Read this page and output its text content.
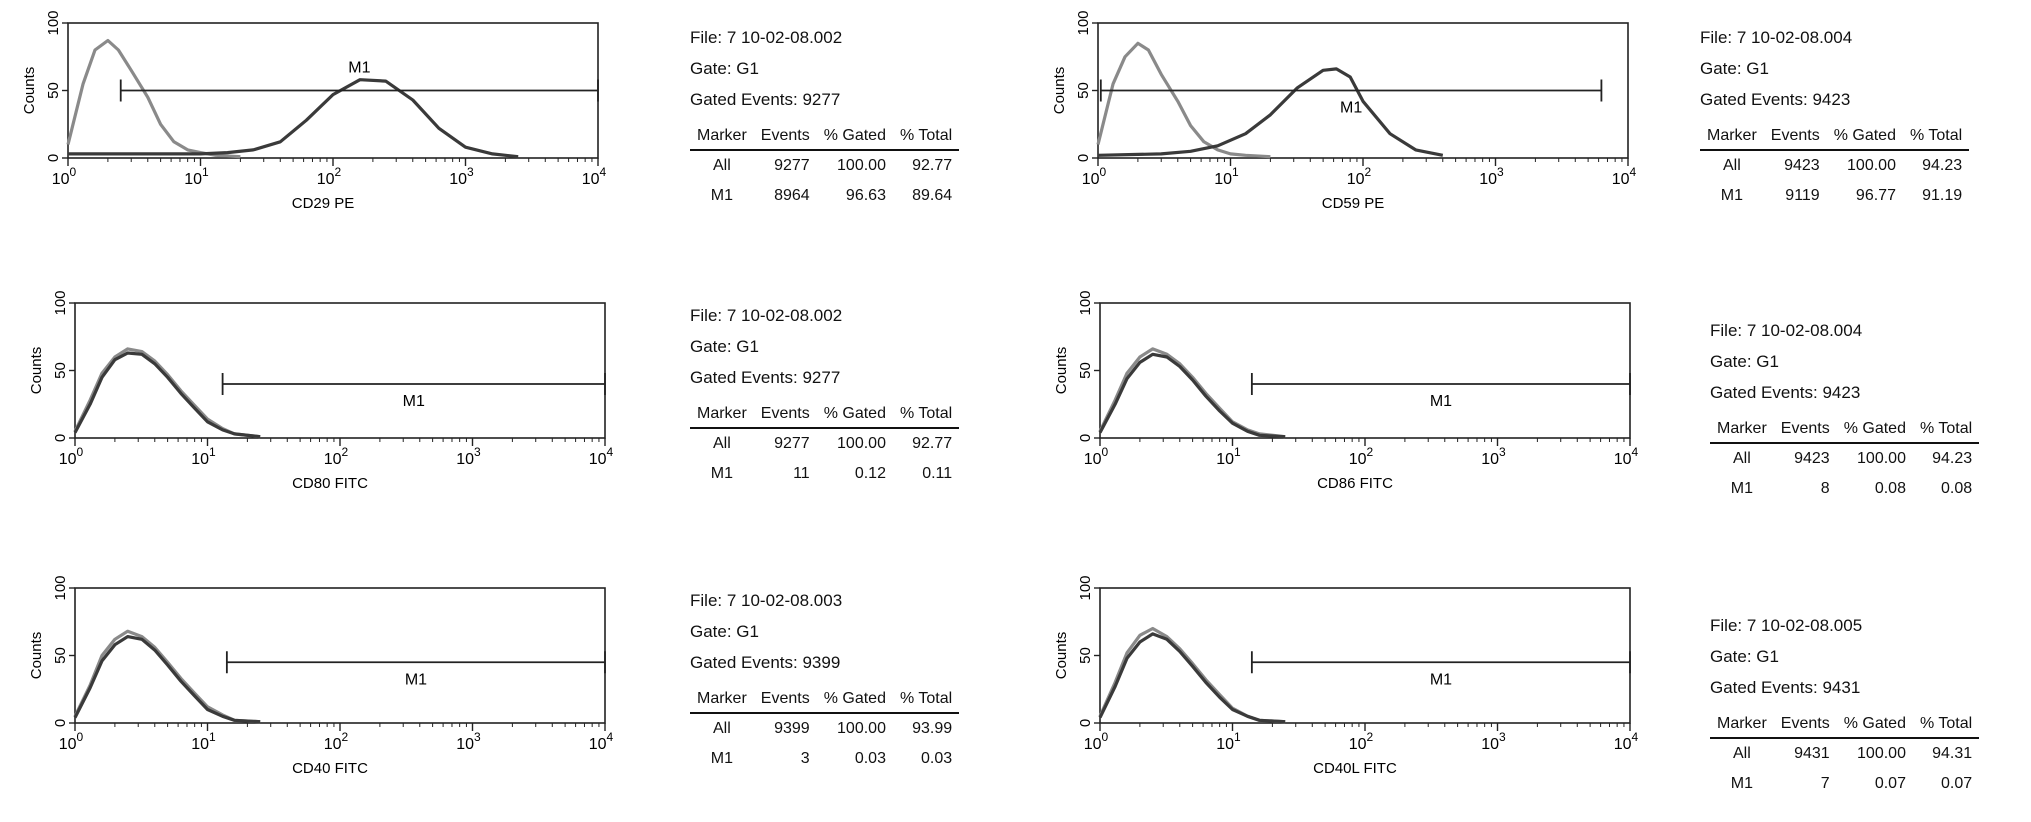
0
50
100
Counts
$10^0$	$10^1$	$10^2$	$10^3$	$10^4$
CD29 PE
M1
File: 7 10-02-08.002
Gate: G1
Gated Events: 9277
Marker	Events	% Gated	% Total
All	9277	100.00	92.77
M1	8964	96.63	89.64
0
50
100
Counts
$10^0$	$10^1$	$10^2$	$10^3$	$10^4$
CD59 PE
M1
File: 7 10-02-08.004
Gate: G1
Gated Events: 9423
Marker	Events	% Gated	% Total
All	9423	100.00	94.23
M1	9119	96.77	91.19
0
50
100
Counts
$10^0$	$10^1$	$10^2$	$10^3$	$10^4$
CD80 FITC
M1
File: 7 10-02-08.002
Gate: G1
Gated Events: 9277
Marker	Events	% Gated	% Total
All	9277	100.00	92.77
M1	11	0.12	0.11
0
50
100
Counts
$10^0$	$10^1$	$10^2$	$10^3$	$10^4$
CD86 FITC
M1
File: 7 10-02-08.004
Gate: G1
Gated Events: 9423
Marker	Events	% Gated	% Total
All	9423	100.00	94.23
M1	8	0.08	0.08
0
50
100
Counts
$10^0$	$10^1$	$10^2$	$10^3$	$10^4$
CD40 FITC
M1
File: 7 10-02-08.003
Gate: G1
Gated Events: 9399
Marker	Events	% Gated	% Total
All	9399	100.00	93.99
M1	3	0.03	0.03
0
50
100
Counts
$10^0$	$10^1$	$10^2$	$10^3$	$10^4$
CD40L FITC
M1
File: 7 10-02-08.005
Gate: G1
Gated Events: 9431
Marker	Events	% Gated	% Total
All	9431	100.00	94.31
M1	7	0.07	0.07
